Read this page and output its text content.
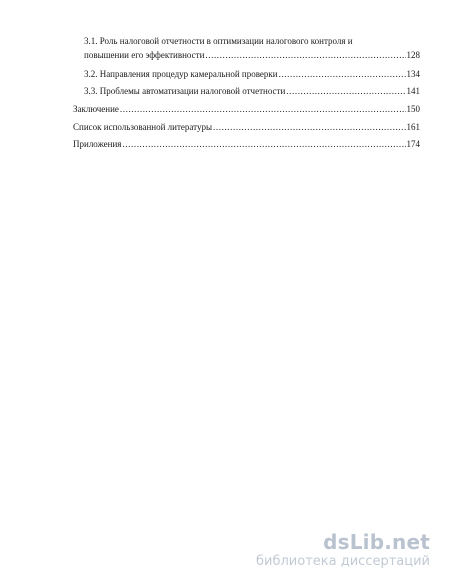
3.1. Роль налоговой отчетности в оптимизации налогового контроля и
повышении его эффективности .....	128
3.2. Направления процедур камеральной проверки .....	134
3.3. Проблемы автоматизации налоговой отчетности .....	141
Заключение .....	150
Список использованной литературы .....	161
Приложения .....	174
dsLib.net
библиотека диссертаций
